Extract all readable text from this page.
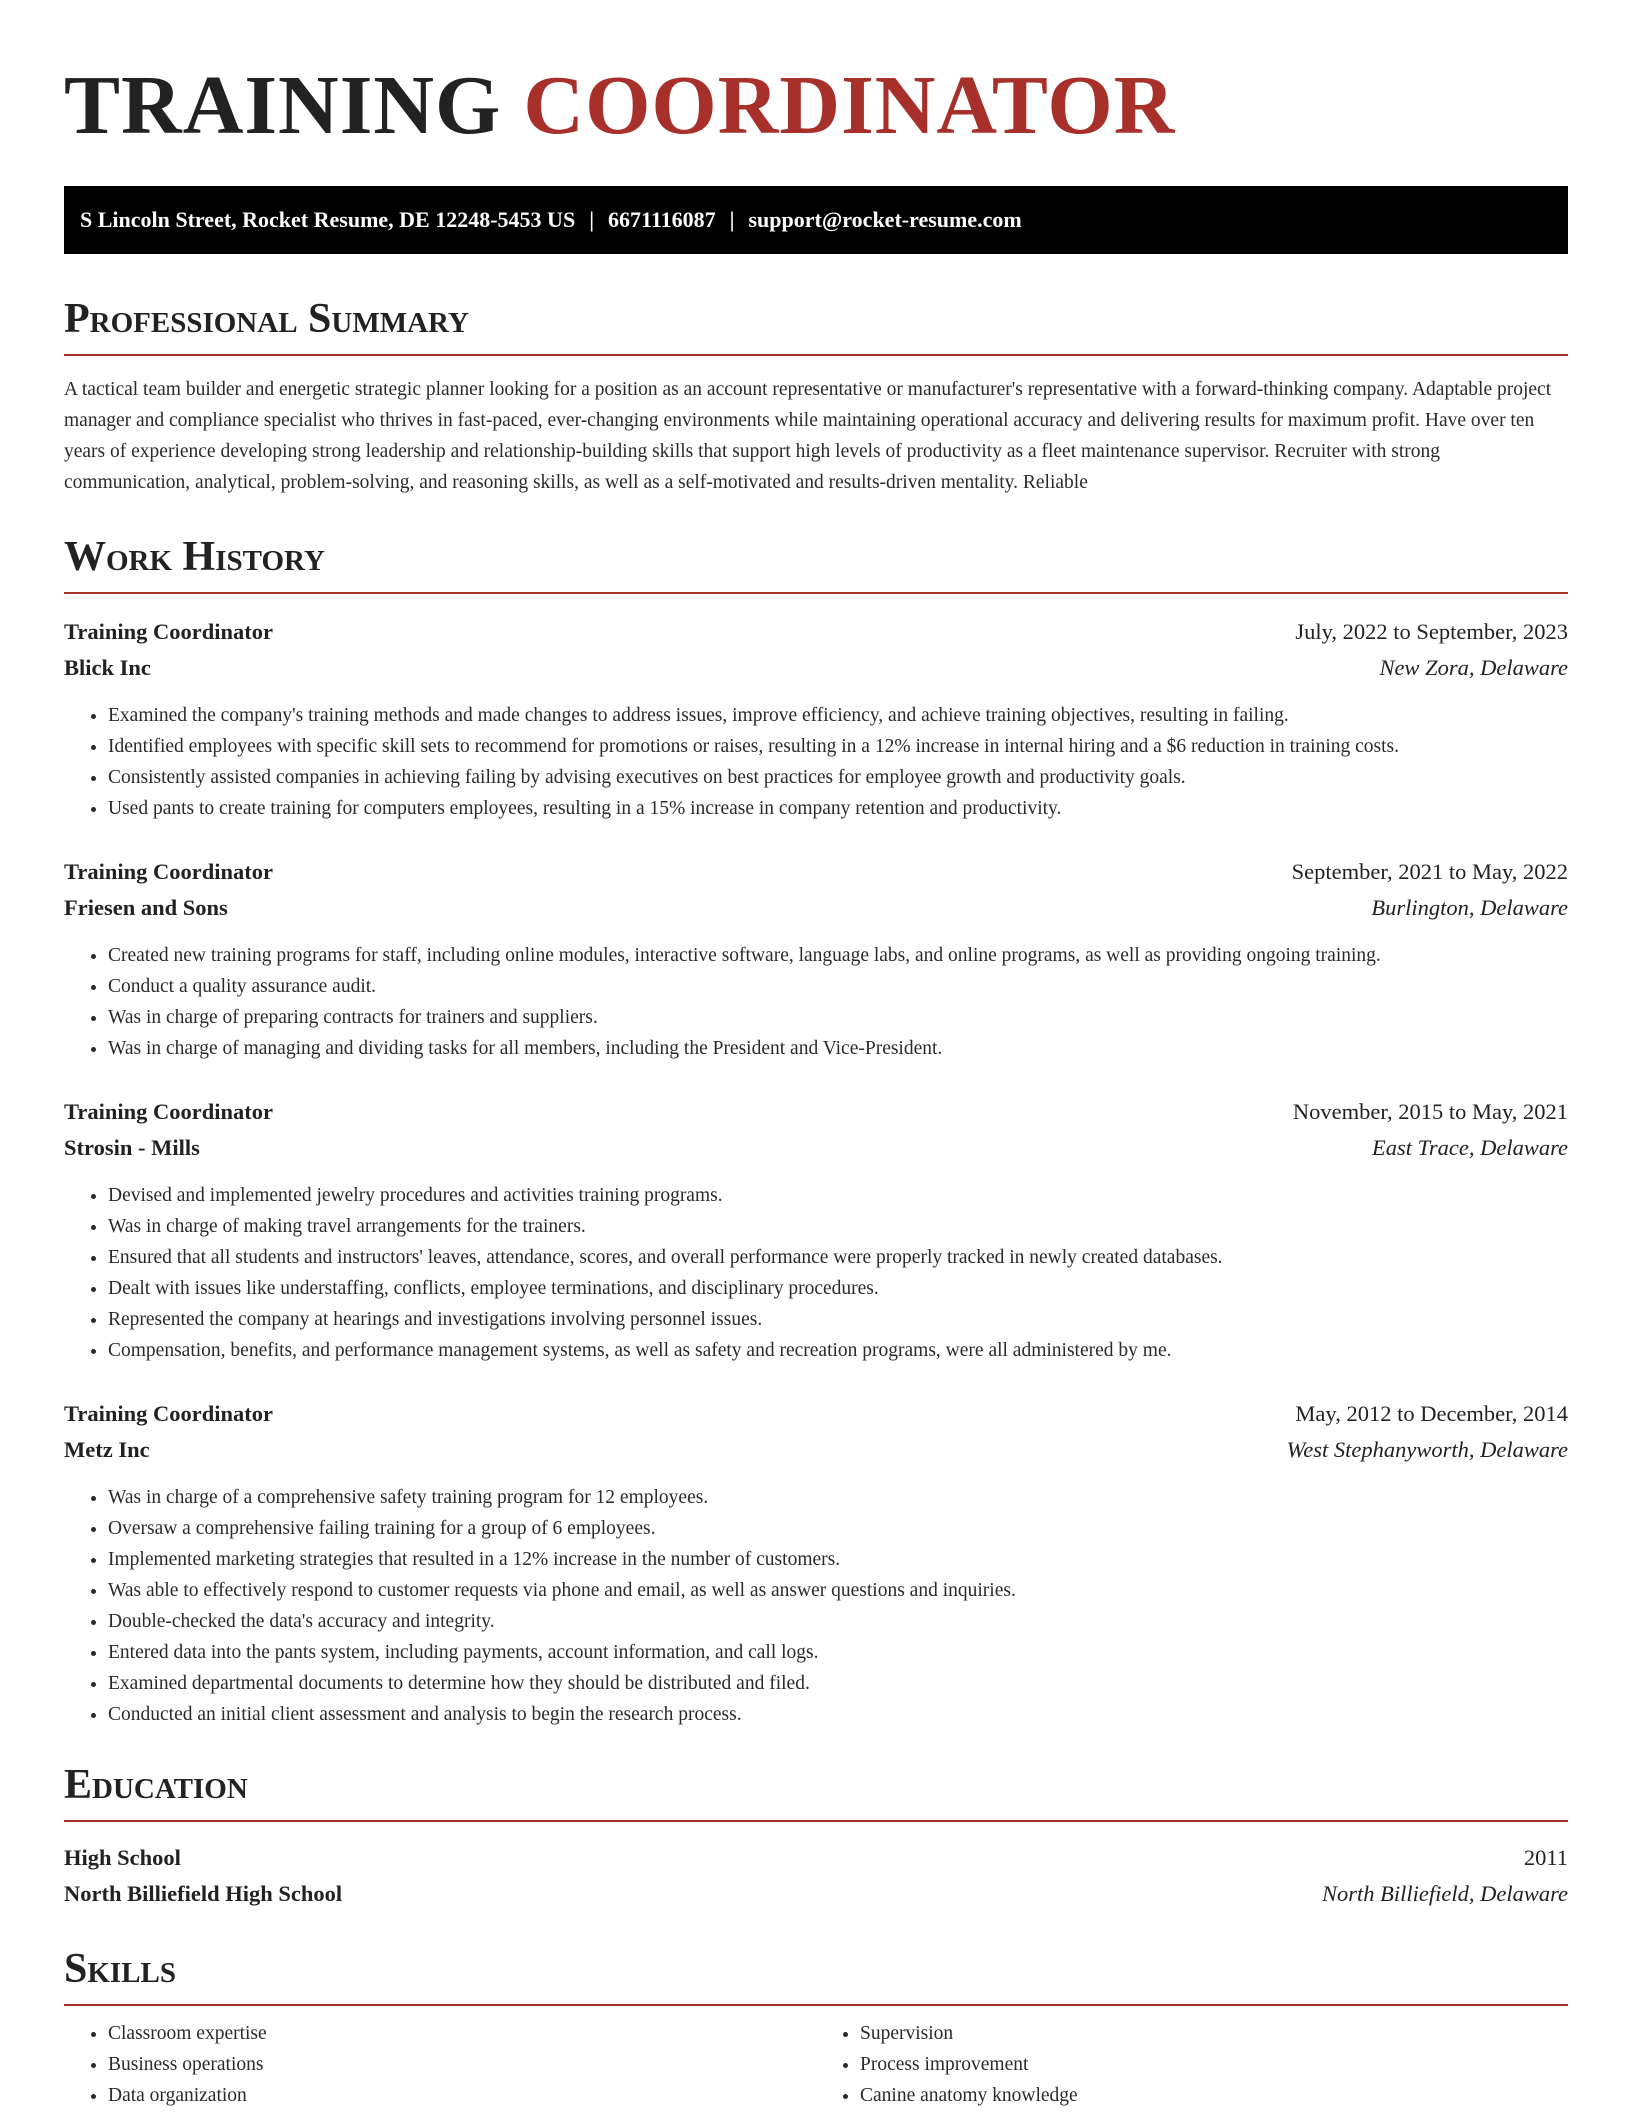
TRAINING COORDINATOR
S Lincoln Street, Rocket Resume, DE 12248-5453 US | 6671116087 | support@rocket-resume.com
Professional Summary

A tactical team builder and energetic strategic planner looking for a position as an account representative or manufacturer's representative with a forward-thinking company. Adaptable project manager and compliance specialist who thrives in fast-paced, ever-changing environments while maintaining operational accuracy and delivering results for maximum profit. Have over ten years of experience developing strong leadership and relationship-building skills that support high levels of productivity as a fleet maintenance supervisor. Recruiter with strong communication, analytical, problem-solving, and reasoning skills, as well as a self-motivated and results-driven mentality. Reliable

Work History
Training Coordinator	July, 2022 to September, 2023
Blick Inc	New Zora, Delaware
• Examined the company's training methods and made changes to address issues, improve efficiency, and achieve training objectives, resulting in failing.
• Identified employees with specific skill sets to recommend for promotions or raises, resulting in a 12% increase in internal hiring and a $6 reduction in training costs.
• Consistently assisted companies in achieving failing by advising executives on best practices for employee growth and productivity goals.
• Used pants to create training for computers employees, resulting in a 15% increase in company retention and productivity.
Training Coordinator	September, 2021 to May, 2022
Friesen and Sons	Burlington, Delaware
• Created new training programs for staff, including online modules, interactive software, language labs, and online programs, as well as providing ongoing training.
• Conduct a quality assurance audit.
• Was in charge of preparing contracts for trainers and suppliers.
• Was in charge of managing and dividing tasks for all members, including the President and Vice-President.
Training Coordinator	November, 2015 to May, 2021
Strosin - Mills	East Trace, Delaware
• Devised and implemented jewelry procedures and activities training programs.
• Was in charge of making travel arrangements for the trainers.
• Ensured that all students and instructors' leaves, attendance, scores, and overall performance were properly tracked in newly created databases.
• Dealt with issues like understaffing, conflicts, employee terminations, and disciplinary procedures.
• Represented the company at hearings and investigations involving personnel issues.
• Compensation, benefits, and performance management systems, as well as safety and recreation programs, were all administered by me.
Training Coordinator	May, 2012 to December, 2014
Metz Inc	West Stephanyworth, Delaware
• Was in charge of a comprehensive safety training program for 12 employees.
• Oversaw a comprehensive failing training for a group of 6 employees.
• Implemented marketing strategies that resulted in a 12% increase in the number of customers.
• Was able to effectively respond to customer requests via phone and email, as well as answer questions and inquiries.
• Double-checked the data's accuracy and integrity.
• Entered data into the pants system, including payments, account information, and call logs.
• Examined departmental documents to determine how they should be distributed and filed.
• Conducted an initial client assessment and analysis to begin the research process.
Education
High School	2011
North Billiefield High School	North Billiefield, Delaware
Skills
• Classroom expertise
• Business operations
• Data organization
• Supervision
• Process improvement
• Canine anatomy knowledge
